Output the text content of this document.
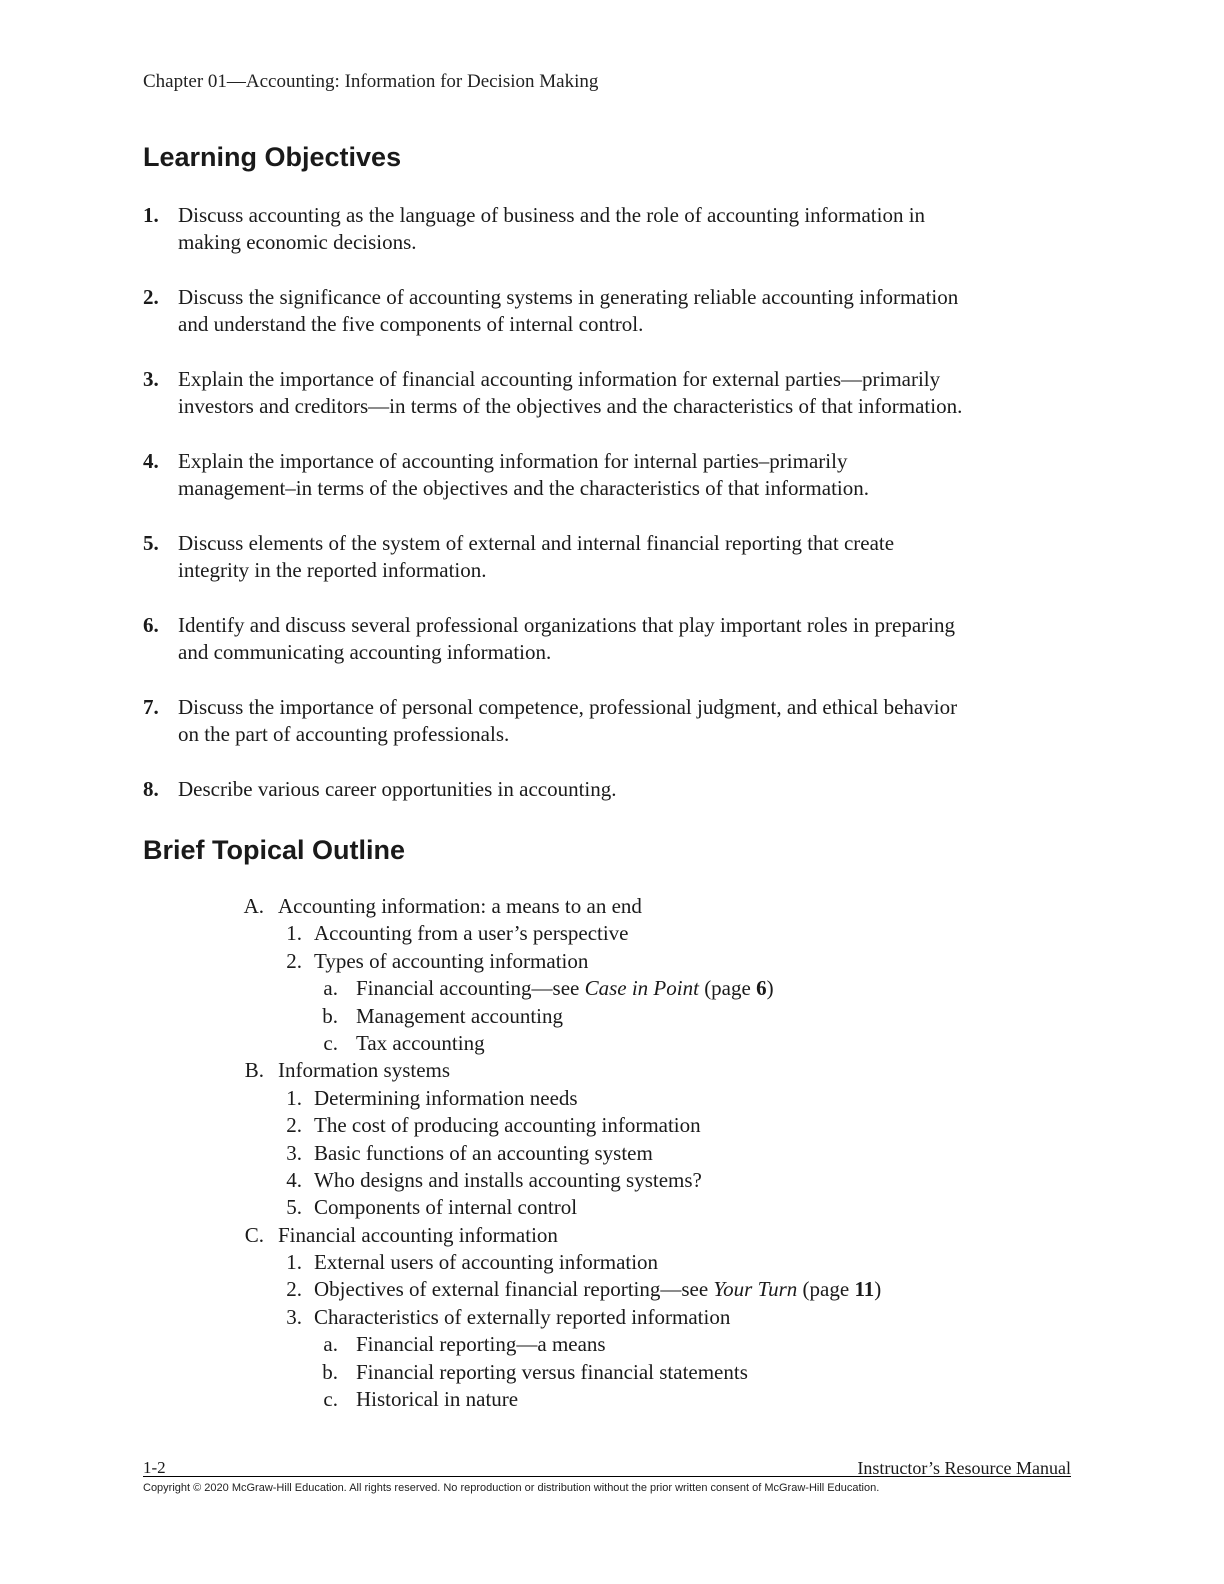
Chapter 01—Accounting: Information for Decision Making
Learning Objectives
1. Discuss accounting as the language of business and the role of accounting information in
making economic decisions.
2. Discuss the significance of accounting systems in generating reliable accounting information
and understand the five components of internal control.
3. Explain the importance of financial accounting information for external parties—primarily
investors and creditors—in terms of the objectives and the characteristics of that information.
4. Explain the importance of accounting information for internal parties–primarily
management–in terms of the objectives and the characteristics of that information.
5. Discuss elements of the system of external and internal financial reporting that create
integrity in the reported information.
6. Identify and discuss several professional organizations that play important roles in preparing
and communicating accounting information.
7. Discuss the importance of personal competence, professional judgment, and ethical behavior
on the part of accounting professionals.
8. Describe various career opportunities in accounting.
Brief Topical Outline
A. Accounting information: a means to an end
1. Accounting from a user’s perspective
2. Types of accounting information
a. Financial accounting—see Case in Point (page 6)
b. Management accounting
c. Tax accounting
B. Information systems
1. Determining information needs
2. The cost of producing accounting information
3. Basic functions of an accounting system
4. Who designs and installs accounting systems?
5. Components of internal control
C. Financial accounting information
1. External users of accounting information
2. Objectives of external financial reporting—see Your Turn (page 11)
3. Characteristics of externally reported information
a. Financial reporting—a means
b. Financial reporting versus financial statements
c. Historical in nature
1-2	Instructor’s Resource Manual
Copyright © 2020 McGraw-Hill Education. All rights reserved. No reproduction or distribution without the prior written consent of McGraw-Hill Education.
